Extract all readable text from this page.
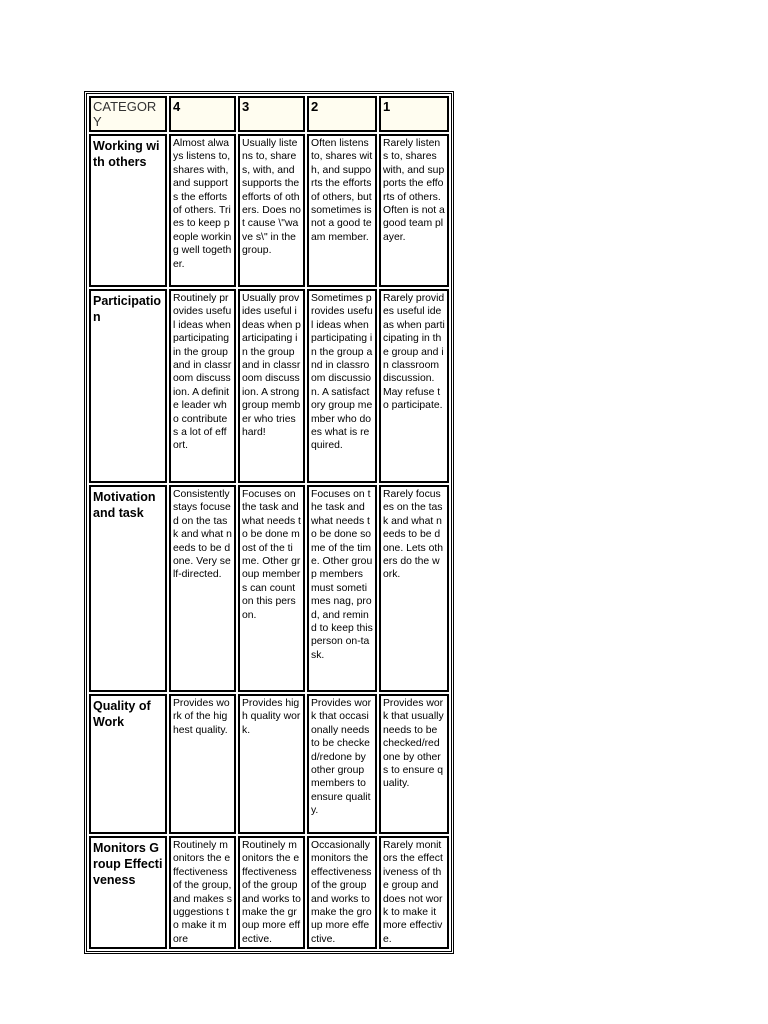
CATEGORY	4	3	2	1
Working with others	Almost always listens to, shares with, and supports the efforts of others. Tries to keep people working well together.	Usually listens to, shares, with, and supports the efforts of others. Does not cause \"wave s\" in the group.	Often listens to, shares with, and supports the efforts of others, but sometimes is not a good team member.	Rarely listens to, shares with, and supports the efforts of others. Often is not a good team player.
Participation	Routinely provides useful ideas when participating in the group and in classroom discussion. A definite leader who contributes a lot of effort.	Usually provides useful ideas when participating in the group and in classroom discussion. A strong group member who tries hard!	Sometimes provides useful ideas when participating in the group and in classroom discussion. A satisfactory group member who does what is required.	Rarely provides useful ideas when participating in the group and in classroom discussion. May refuse to participate.
Motivation and task	Consistently stays focused on the task and what needs to be done. Very self-directed.	Focuses on the task and what needs to be done most of the time. Other group members can count on this person.	Focuses on the task and what needs to be done some of the time. Other group members must sometimes nag, prod, and remind to keep this person on-task.	Rarely focuses on the task and what needs to be done. Lets others do the work.
Quality of Work	Provides work of the highest quality.	Provides high quality work.	Provides work that occasionally needs to be checked/redone by other group members to ensure quality.	Provides work that usually needs to be checked/redone by others to ensure quality.
Monitors Group Effectiveness	Routinely monitors the effectiveness of the group, and makes suggestions to make it more	Routinely monitors the effectiveness of the group and works to make the group more effective.	Occasionally monitors the effectiveness of the group and works to make the group more effective.	Rarely monitors the effectiveness of the group and does not work to make it more effective.
